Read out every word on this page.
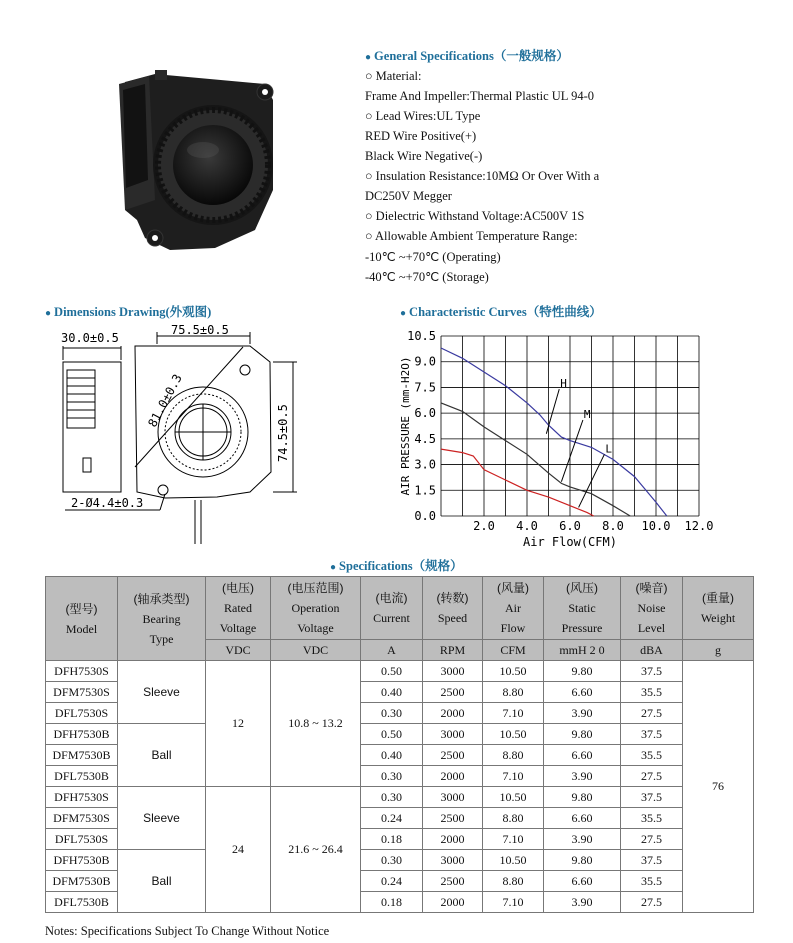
● General Specifications（一般规格）
○ Material:
Frame And Impeller:Thermal Plastic UL 94-0
○ Lead Wires:UL Type
RED Wire Positive(+)
Black Wire Negative(-)
○ Insulation Resistance:10MΩ Or Over With a
DC250V Megger
○ Dielectric Withstand Voltage:AC500V 1S
○ Allowable Ambient Temperature Range:
-10℃ ~+70℃ (Operating)
-40℃ ~+70℃ (Storage)
● Dimensions Drawing(外观图)
30.0±0.5
75.5±0.5
74.5±0.5
81.0±0.3
2-Ø4.4±0.3
● Characteristic Curves（特性曲线）
0.0
1.5
3.0
4.5
6.0
7.5
9.0
10.5
2.0 4.0 6.0 8.0 10.0 12.0
Air Flow(CFM)
AIR PRESSURE (mm-H2O)	H
M
L
● Specifications（规格）
(型号)
Model	(轴承类型)
Bearing
Type	(电压)
Rated
Voltage	(电压范围)
Operation
Voltage	(电流)
Current	(转数)
Speed	(风量)
Air
Flow	(风压)
Static
Pressure	(噪音)
Noise
Level	(重量)
Weight
		VDC	VDC	A	RPM	CFM	mmH 2 0	dBA	g
DFH7530S	Sleeve	12	10.8 ~ 13.2	0.50	3000	10.50	9.80	37.5	76
DFM7530S				0.40	2500	8.80	6.60	35.5	
DFL7530S				0.30	2000	7.10	3.90	27.5	
DFH7530B	Ball			0.50	3000	10.50	9.80	37.5	
DFM7530B				0.40	2500	8.80	6.60	35.5	
DFL7530B				0.30	2000	7.10	3.90	27.5	
DFH7530S	Sleeve	24	21.6 ~ 26.4	0.30	3000	10.50	9.80	37.5	
DFM7530S				0.24	2500	8.80	6.60	35.5	
DFL7530S				0.18	2000	7.10	3.90	27.5	
DFH7530B	Ball			0.30	3000	10.50	9.80	37.5	
DFM7530B				0.24	2500	8.80	6.60	35.5	
DFL7530B				0.18	2000	7.10	3.90	27.5	
Notes: Specifications Subject To Change Without Notice
